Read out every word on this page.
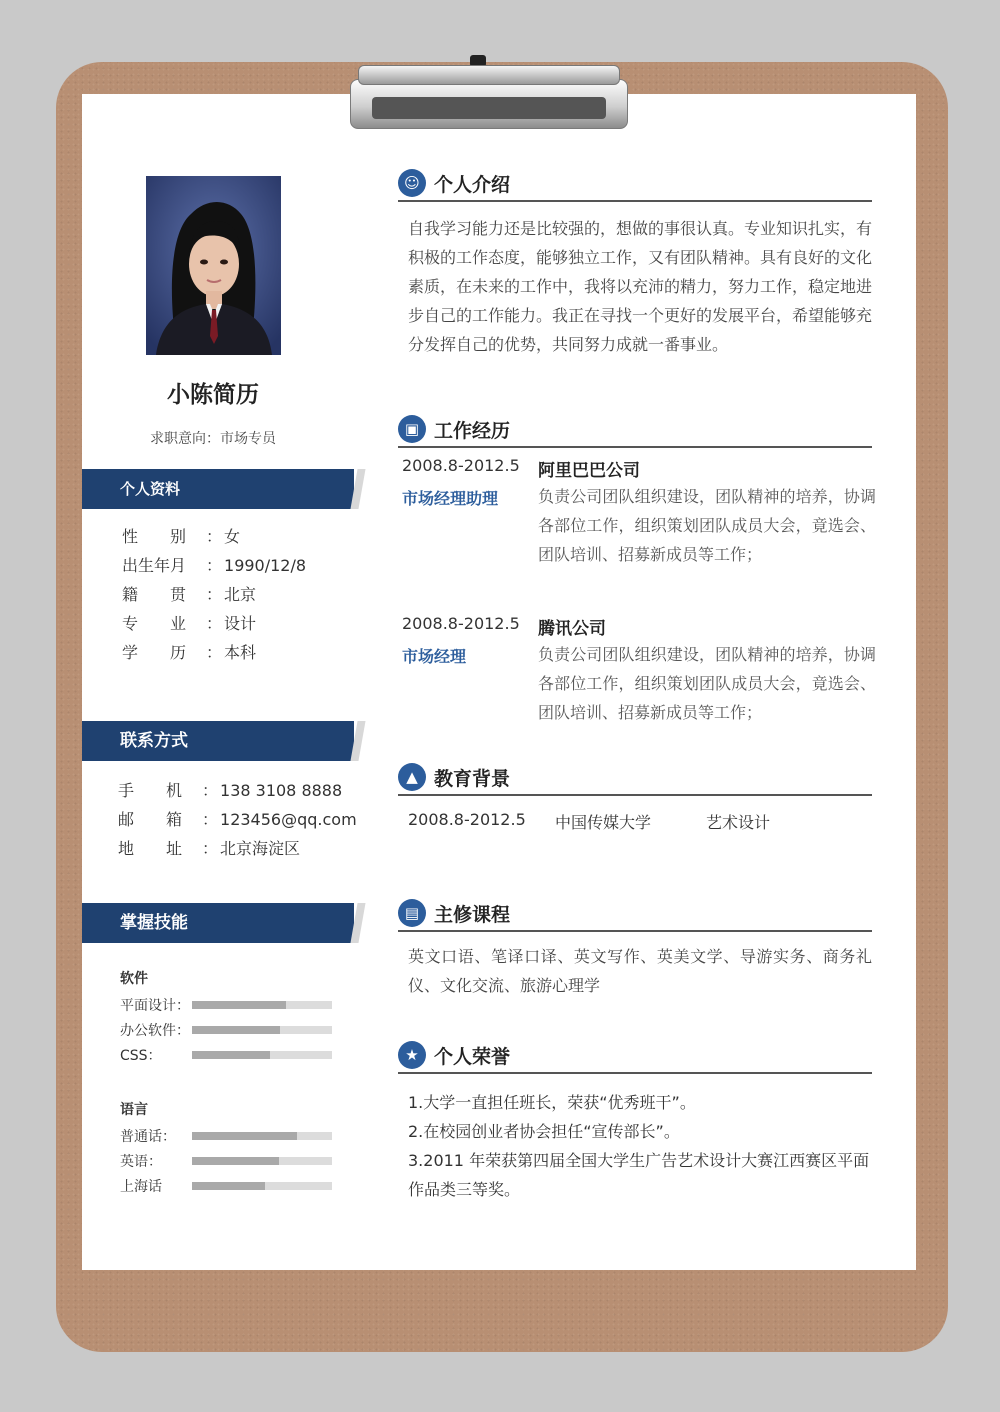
小陈简历
求职意向：市场专员
个人资料
性　　别	： 女
出生年月	： 1990/12/8
籍　　贯	： 北京
专　　业	： 设计
学　　历	： 本科
联系方式
手　　机	： 138 3108 8888
邮　　箱	： 123456@qq.com
地　　址	： 北京海淀区
掌握技能
软件
平面设计：
办公软件：
CSS：
语言
普通话：
英语：
上海话
☺ 个人介绍
自我学习能力还是比较强的，想做的事很认真。专业知识扎实，有积极的工作态度，能够独立工作，又有团队精神。具有良好的文化素质，在未来的工作中，我将以充沛的精力，努力工作，稳定地进步自己的工作能力。我正在寻找一个更好的发展平台，希望能够充分发挥自己的优势，共同努力成就一番事业。
▣ 工作经历
2008.8-2012.5
市场经理助理
阿里巴巴公司
负责公司团队组织建设，团队精神的培养，协调各部位工作，组织策划团队成员大会，竟选会、团队培训、招募新成员等工作；
2008.8-2012.5
市场经理
腾讯公司
负责公司团队组织建设，团队精神的培养，协调各部位工作，组织策划团队成员大会，竟选会、团队培训、招募新成员等工作；
▲ 教育背景
2008.8-2012.5	中国传媒大学	艺术设计
▤ 主修课程
英文口语、笔译口译、英文写作、英美文学、导游实务、商务礼仪、文化交流、旅游心理学
★ 个人荣誉
1.大学一直担任班长，荣获“优秀班干”。
2.在校园创业者协会担任“宣传部长”。
3.2011 年荣获第四届全国大学生广告艺术设计大赛江西赛区平面作品类三等奖。
